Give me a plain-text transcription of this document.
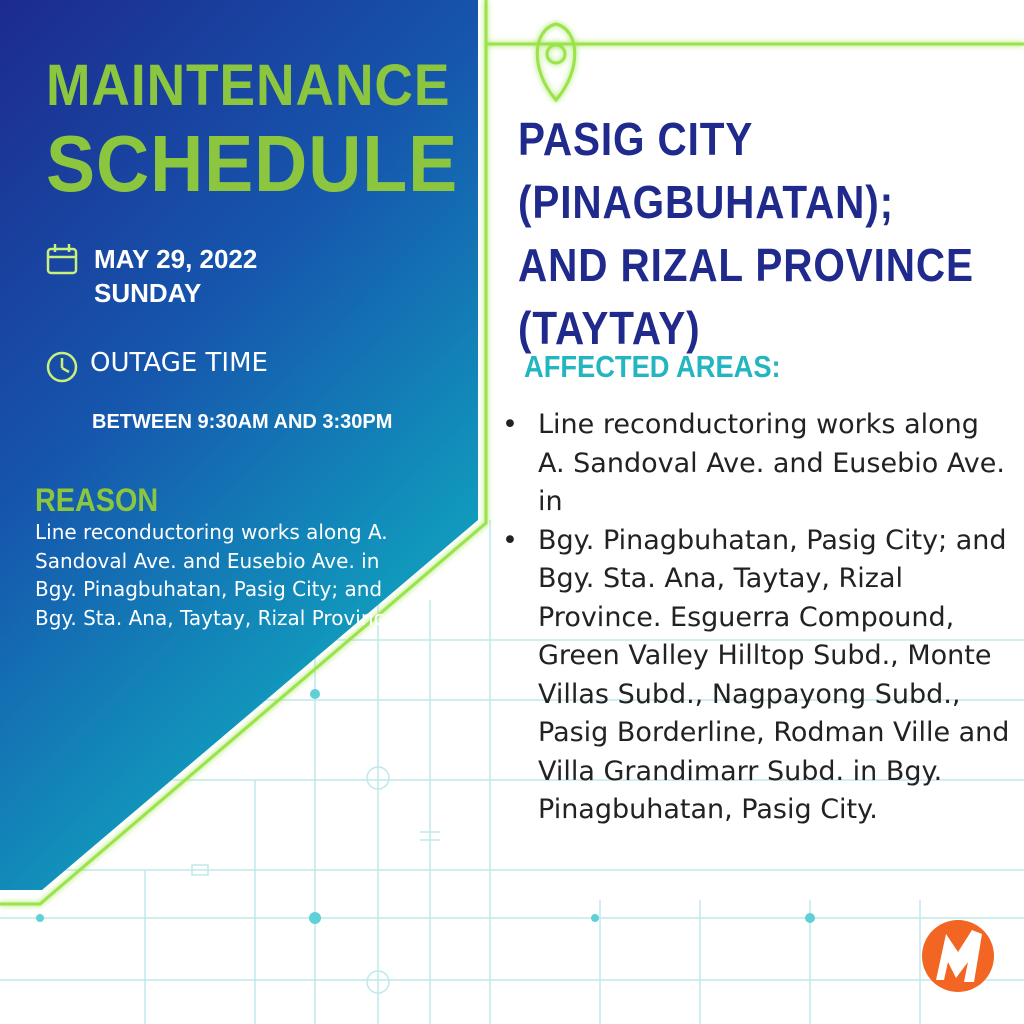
MAINTENANCE
SCHEDULE
MAY 29, 2022
SUNDAY
OUTAGE TIME
BETWEEN 9:30AM AND 3:30PM
REASON
Line reconductoring works along A. Sandoval Ave. and Eusebio Ave. in Bgy. Pinagbuhatan, Pasig City; and Bgy. Sta. Ana, Taytay, Rizal Province.
PASIG CITY
(PINAGBUHATAN);
AND RIZAL PROVINCE
(TAYTAY)
AFFECTED AREAS:
• Line reconductoring works along A. Sandoval Ave. and Eusebio Ave. in
• Bgy. Pinagbuhatan, Pasig City; and Bgy. Sta. Ana, Taytay, Rizal Province. Esguerra Compound, Green Valley Hilltop Subd., Monte Villas Subd., Nagpayong Subd., Pasig Borderline, Rodman Ville and Villa Grandimarr Subd. in Bgy. Pinagbuhatan, Pasig City.
